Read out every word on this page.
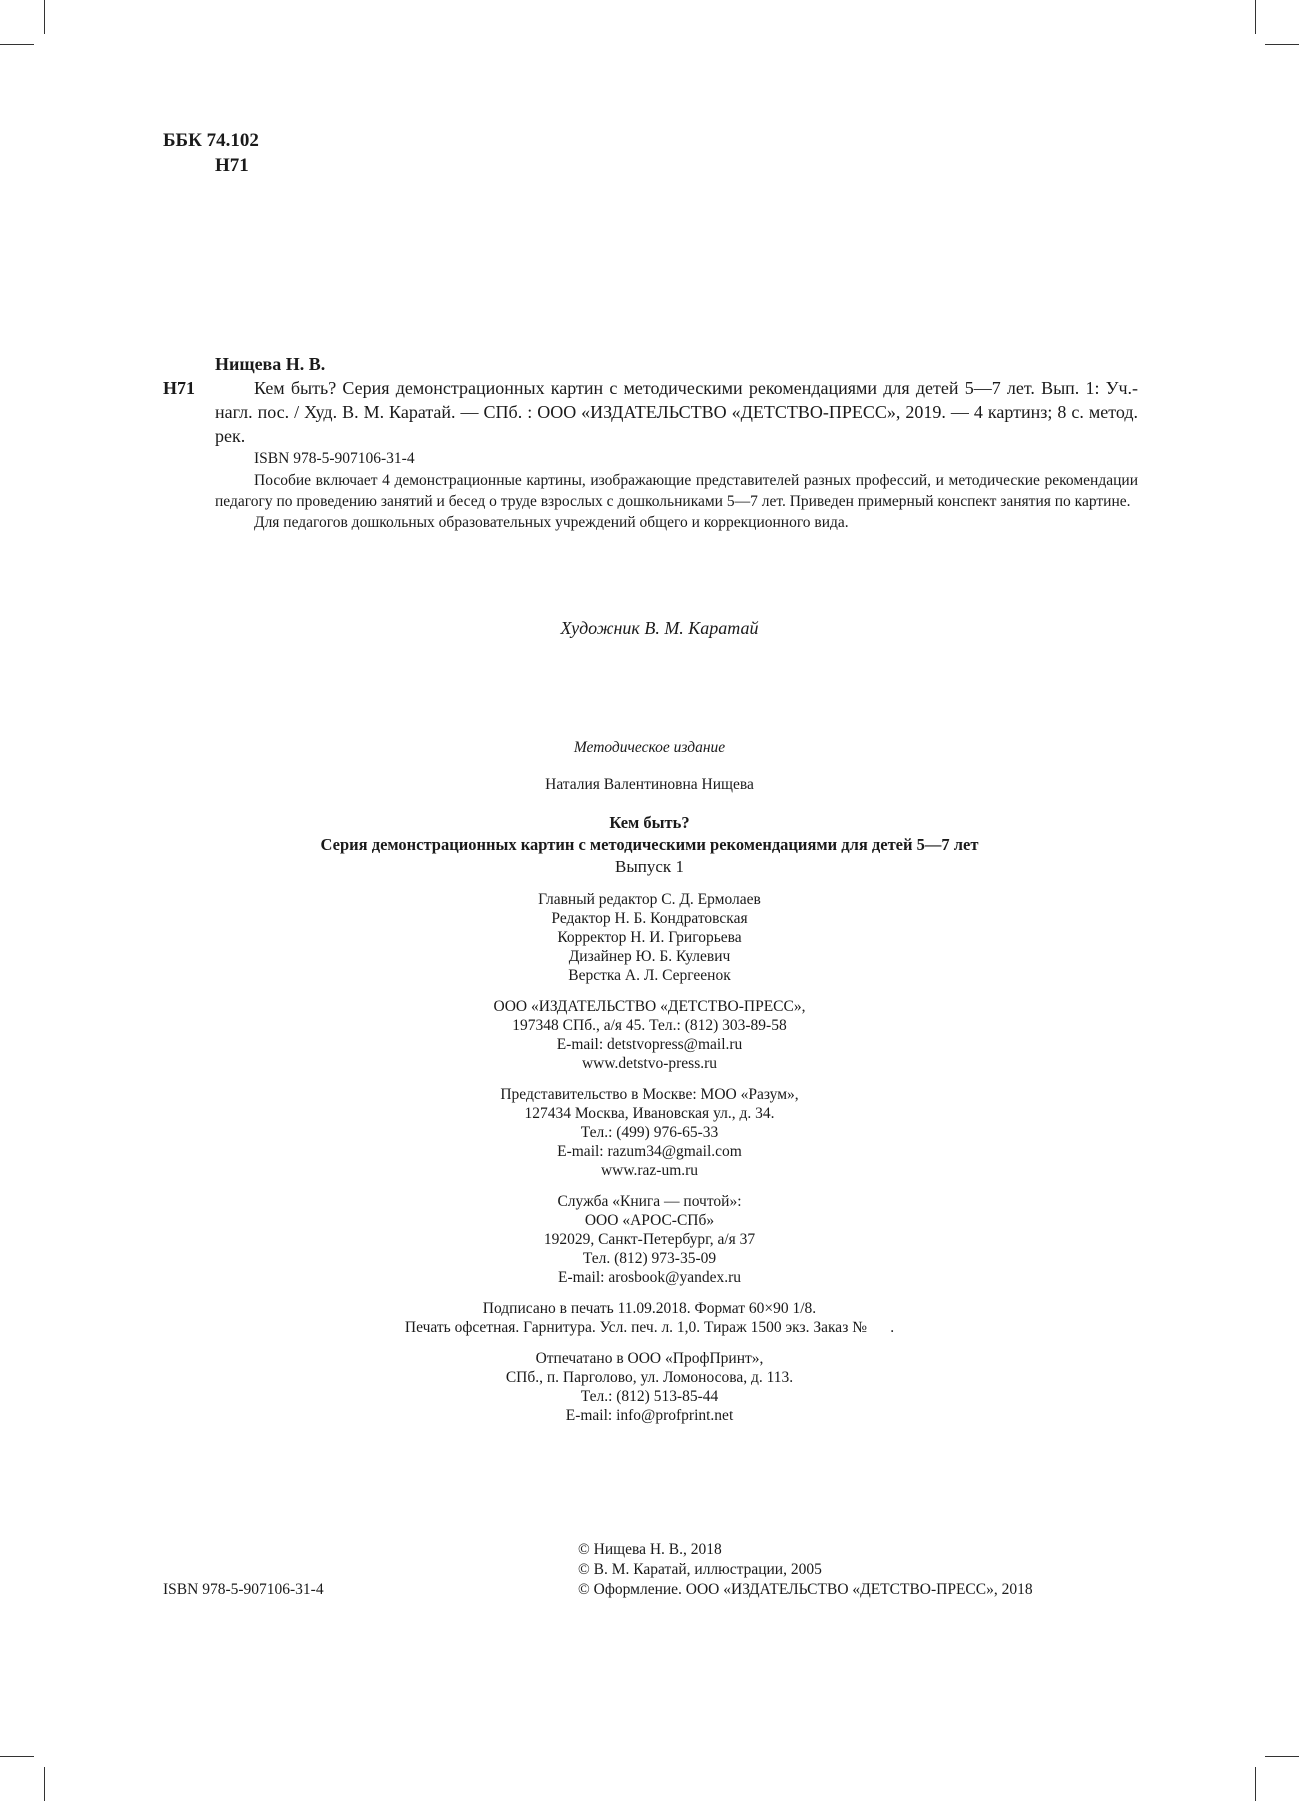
ББК 74.102
Н71
Нищева Н. В.
Н71	Кем быть? Серия демонстрационных картин с методическими рекомендациями для детей 5—7 лет. Вып. 1: Уч.-нагл. пос. / Худ. В. М. Каратай. — СПб. : ООО «ИЗДАТЕЛЬСТВО «ДЕТСТВО-ПРЕСС», 2019. — 4 картинз; 8 с. метод. рек.
ISBN 978-5-907106-31-4
Пособие включает 4 демонстрационные картины, изображающие представителей разных профессий, и методические рекомендации педагогу по проведению занятий и бесед о труде взрослых с дошкольниками 5—7 лет. Приведен примерный конспект занятия по картине.
Для педагогов дошкольных образовательных учреждений общего и коррекционного вида.
Художник В. М. Каратай
Методическое издание
Наталия Валентиновна Нищева
Кем быть?
Серия демонстрационных картин с методическими рекомендациями для детей 5—7 лет
Выпуск 1
Главный редактор С. Д. Ермолаев
Редактор Н. Б. Кондратовская
Корректор Н. И. Григорьева
Дизайнер Ю. Б. Кулевич
Верстка А. Л. Сергеенок
ООО «ИЗДАТЕЛЬСТВО «ДЕТСТВО-ПРЕСС»,
197348 СПб., а/я 45. Тел.: (812) 303-89-58
E-mail: detstvopress@mail.ru
www.detstvo-press.ru
Представительство в Москве: МОО «Разум»,
127434 Москва, Ивановская ул., д. 34.
Тел.: (499) 976-65-33
E-mail: razum34@gmail.com
www.raz-um.ru
Служба «Книга — почтой»:
ООО «АРОС-СПб»
192029, Санкт-Петербург, а/я 37
Тел. (812) 973-35-09
E-mail: arosbook@yandex.ru
Подписано в печать 11.09.2018. Формат 60×90 1/8.
Печать офсетная. Гарнитура. Усл. печ. л. 1,0. Тираж 1500 экз. Заказ №      .
Отпечатано в ООО «ПрофПринт»,
СПб., п. Парголово, ул. Ломоносова, д. 113.
Тел.: (812) 513-85-44
E-mail: info@profprint.net
ISBN 978-5-907106-31-4
© Нищева Н. В., 2018
© В. М. Каратай, иллюстрации, 2005
© Оформление. ООО «ИЗДАТЕЛЬСТВО «ДЕТСТВО-ПРЕСС», 2018
